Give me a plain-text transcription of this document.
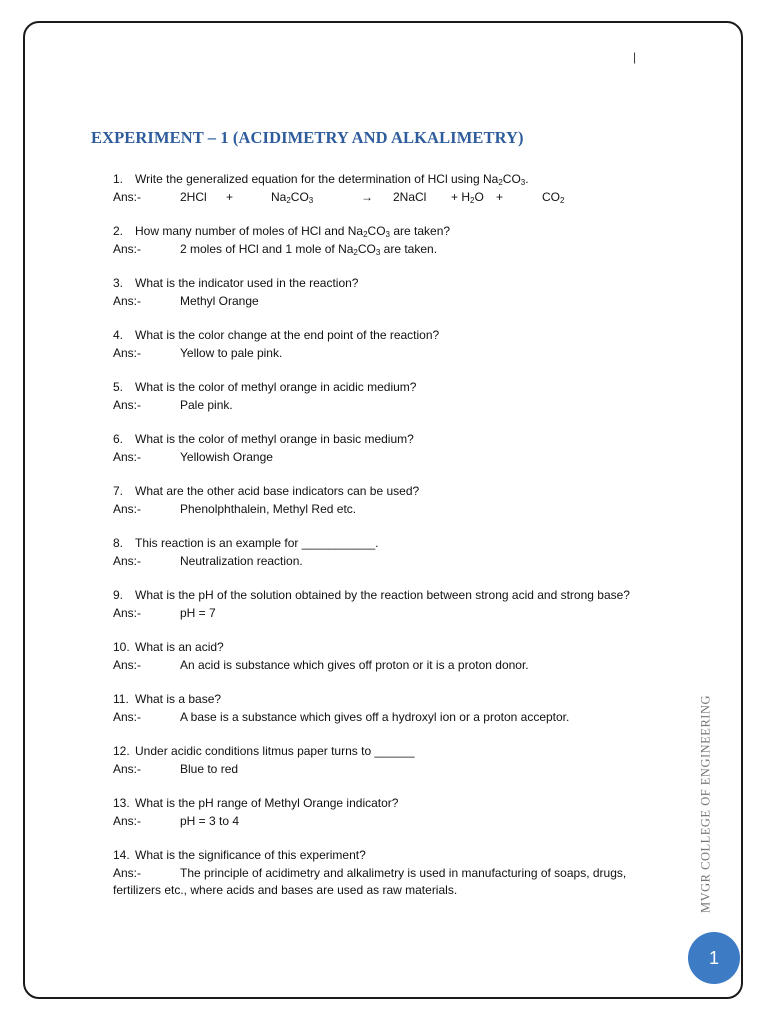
|
EXPERIMENT – 1 (ACIDIMETRY AND ALKALIMETRY)
1. Write the generalized equation for the determination of HCl using $Na_2CO_3$.
Ans:-	2HCl +	$Na_2CO_3$	→ 2NaCl + $H_2O$ +	$CO_2$
2. How many number of moles of HCl and $Na_2CO_3$ are taken?
Ans:-	2 moles of HCl and 1 mole of $Na_2CO_3$ are taken.
3. What is the indicator used in the reaction?
Ans:-	Methyl Orange
4. What is the color change at the end point of the reaction?
Ans:-	Yellow to pale pink.
5. What is the color of methyl orange in acidic medium?
Ans:-	Pale pink.
6. What is the color of methyl orange in basic medium?
Ans:-	Yellowish Orange
7. What are the other acid base indicators can be used?
Ans:-	Phenolphthalein, Methyl Red etc.
8. This reaction is an example for ___________.
Ans:-	Neutralization reaction.
9. What is the pH of the solution obtained by the reaction between strong acid and strong base?
Ans:-	pH = 7
10. What is an acid?
Ans:-	An acid is substance which gives off proton or it is a proton donor.
11. What is a base?
Ans:-	A base is a substance which gives off a hydroxyl ion or a proton acceptor.
12. Under acidic conditions litmus paper turns to ______
Ans:-	Blue to red
13. What is the pH range of Methyl Orange indicator?
Ans:-	pH = 3 to 4
14. What is the significance of this experiment?
Ans:-	The principle of acidimetry and alkalimetry is used in manufacturing of soaps, drugs, fertilizers etc., where acids and bases are used as raw materials.	MVGR COLLEGE OF ENGINEERING
1
